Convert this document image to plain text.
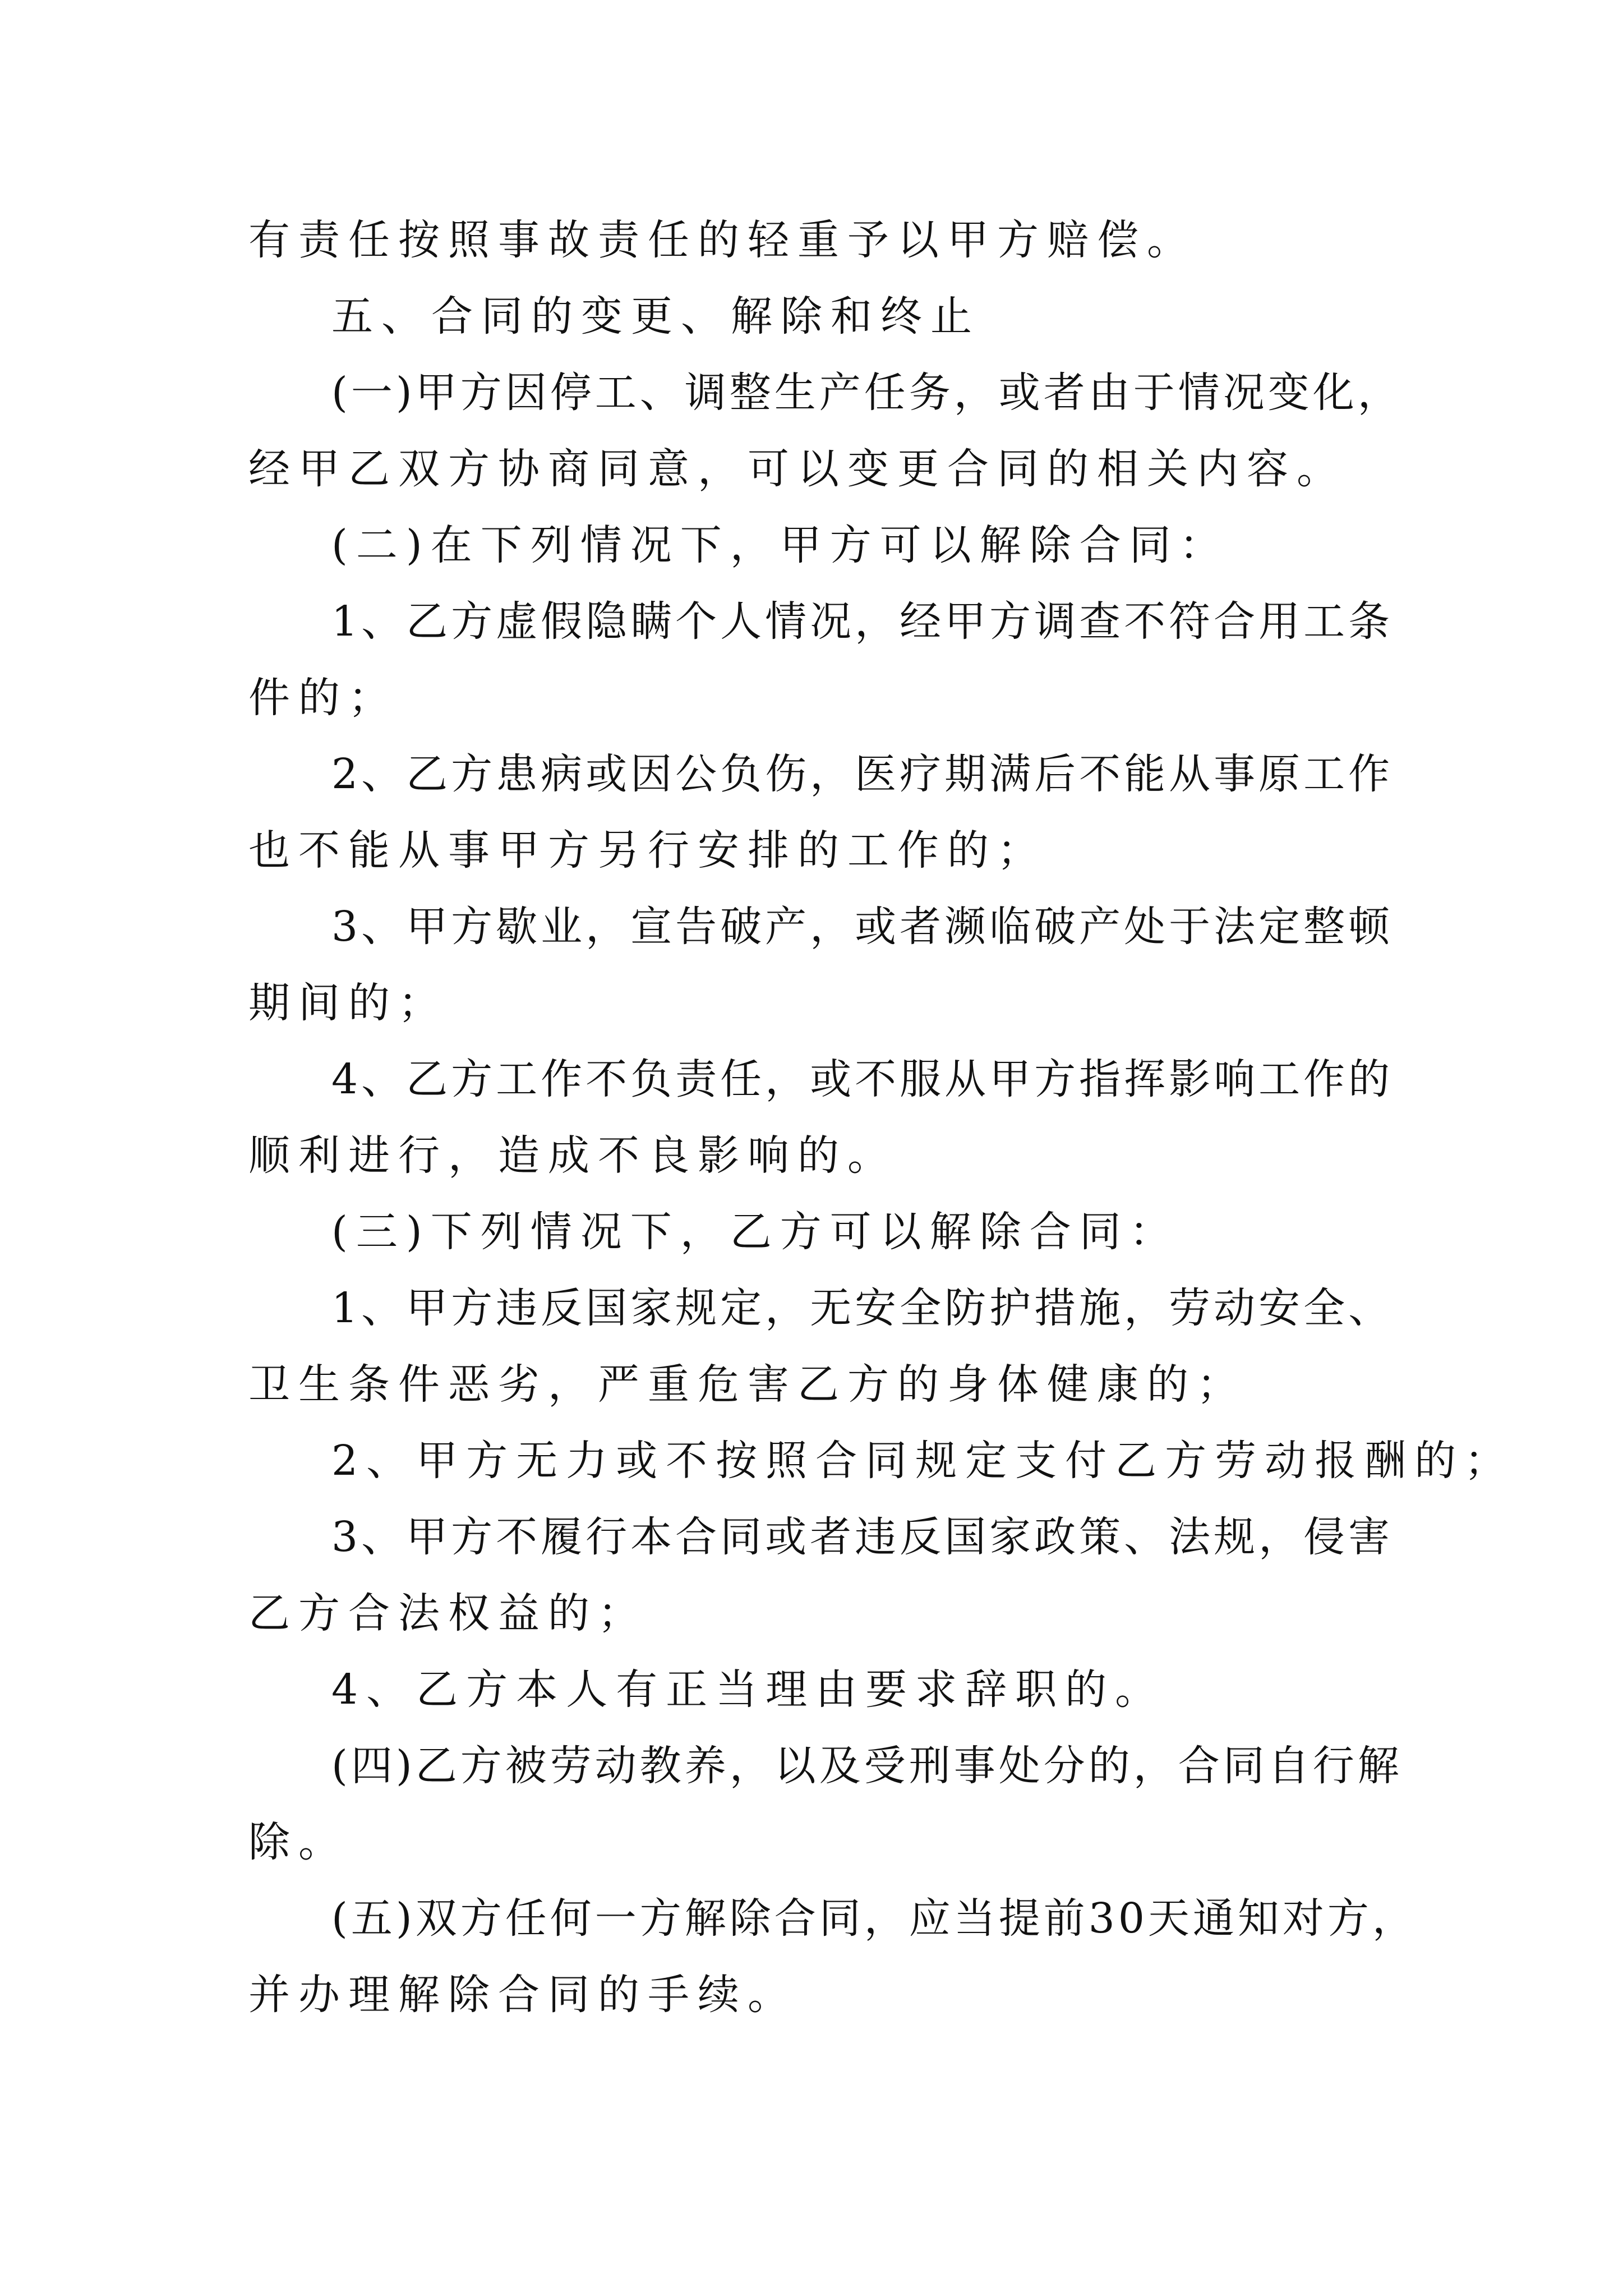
有责任按照事故责任的轻重予以甲方赔偿。
五、合同的变更、解除和终止
(一)甲方因停工、调整生产任务，或者由于情况变化，
经甲乙双方协商同意，可以变更合同的相关内容。
(二)在下列情况下，甲方可以解除合同：
1、乙方虚假隐瞒个人情况，经甲方调查不符合用工条
件的；
2、乙方患病或因公负伤，医疗期满后不能从事原工作
也不能从事甲方另行安排的工作的；
3、甲方歇业，宣告破产，或者濒临破产处于法定整顿
期间的；
4、乙方工作不负责任，或不服从甲方指挥影响工作的
顺利进行，造成不良影响的。
(三)下列情况下，乙方可以解除合同：
1、甲方违反国家规定，无安全防护措施，劳动安全、
卫生条件恶劣，严重危害乙方的身体健康的；
2、甲方无力或不按照合同规定支付乙方劳动报酬的；
3、甲方不履行本合同或者违反国家政策、法规，侵害
乙方合法权益的；
4、乙方本人有正当理由要求辞职的。
(四)乙方被劳动教养，以及受刑事处分的，合同自行解
除。
(五)双方任何一方解除合同，应当提前30天通知对方，
并办理解除合同的手续。
